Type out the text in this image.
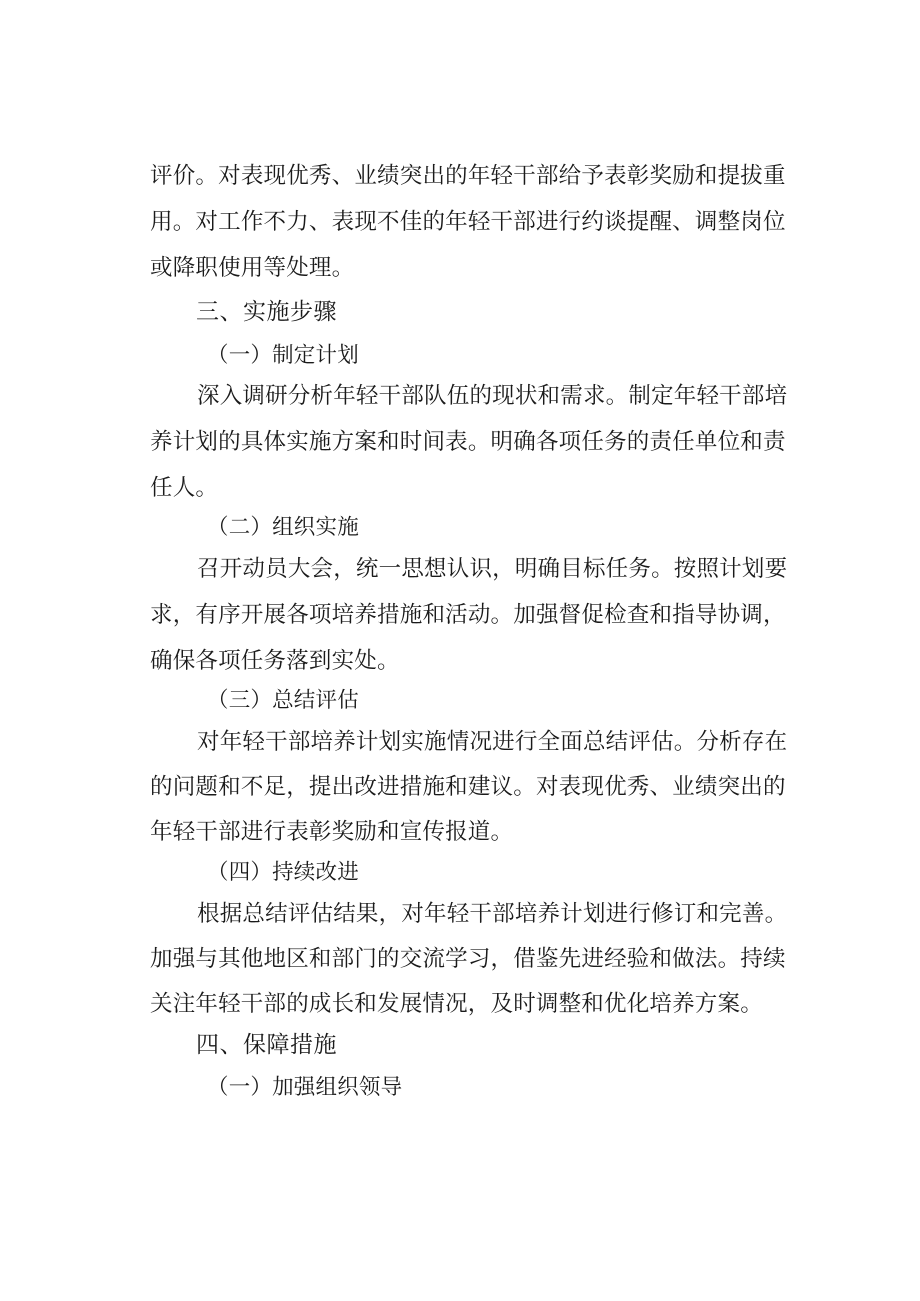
评 价 。 对 表 现 优 秀 、 业 绩 突 出 的 年 轻 干 部 给 予 表 彰 奖 励 和 提 拔 重
用 。 对 工 作 不 力 、 表 现 不 佳 的 年 轻 干 部 进 行 约 谈 提 醒 、 调 整 岗 位
或降职使用等处理。
三、实施步骤
（一）制定计划
深 入 调 研 分 析 年 轻 干 部 队 伍 的 现 状 和 需 求 。 制 定 年 轻 干 部 培
养 计 划 的 具 体 实 施 方 案 和 时 间 表 。 明 确 各 项 任 务 的 责 任 单 位 和 责
任人。
（二）组织实施
召 开 动 员 大 会 ， 统 一 思 想 认 识 ， 明 确 目 标 任 务 。 按 照 计 划 要
求 ， 有 序 开 展 各 项 培 养 措 施 和 活 动 。 加 强 督 促 检 查 和 指 导 协 调 ，
确保各项任务落到实处。
（三）总结评估
对 年 轻 干 部 培 养 计 划 实 施 情 况 进 行 全 面 总 结 评 估 。 分 析 存 在
的 问 题 和 不 足 ， 提 出 改 进 措 施 和 建 议 。 对 表 现 优 秀 、 业 绩 突 出 的
年轻干部进行表彰奖励和宣传报道。
（四）持续改进
根 据 总 结 评 估 结 果 ， 对 年 轻 干 部 培 养 计 划 进 行 修 订 和 完 善 。
加 强 与 其 他 地 区 和 部 门 的 交 流 学 习 ， 借 鉴 先 进 经 验 和 做 法 。 持 续
关注年轻干部的成长和发展情况，及时调整和优化培养方案。
四、保障措施
（一）加强组织领导
